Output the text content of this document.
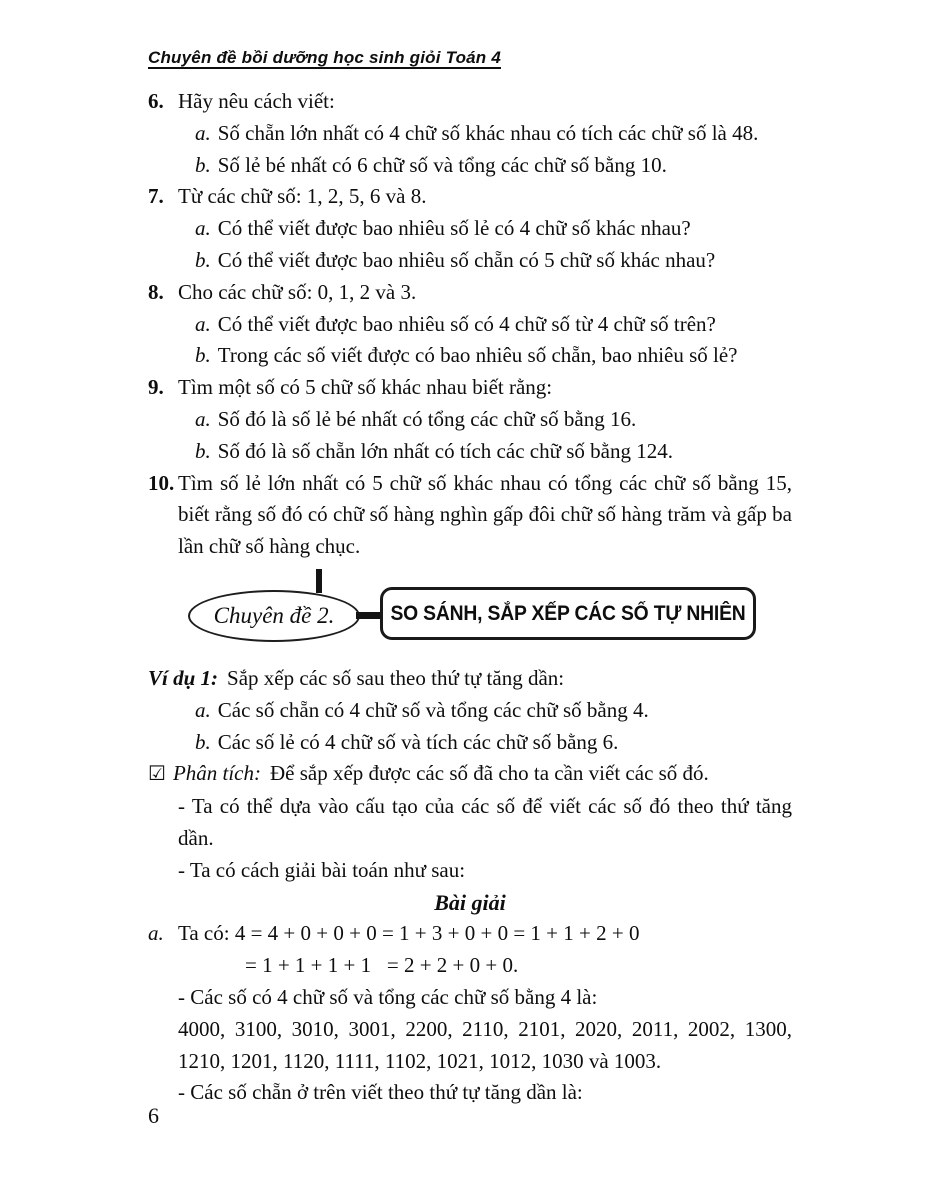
Chuyên đề bồi dưỡng học sinh giỏi Toán 4
6. Hãy nêu cách viết:
a. Số chẵn lớn nhất có 4 chữ số khác nhau có tích các chữ số là 48.
b. Số lẻ bé nhất có 6 chữ số và tổng các chữ số bằng 10.
7. Từ các chữ số: 1, 2, 5, 6 và 8.
a. Có thể viết được bao nhiêu số lẻ có 4 chữ số khác nhau?
b. Có thể viết được bao nhiêu số chẵn có 5 chữ số khác nhau?
8. Cho các chữ số: 0, 1, 2 và 3.
a. Có thể viết được bao nhiêu số có 4 chữ số từ 4 chữ số trên?
b. Trong các số viết được có bao nhiêu số chẵn, bao nhiêu số lẻ?
9. Tìm một số có 5 chữ số khác nhau biết rằng:
a. Số đó là số lẻ bé nhất có tổng các chữ số bằng 16.
b. Số đó là số chẵn lớn nhất có tích các chữ số bằng 124.
10. Tìm số lẻ lớn nhất có 5 chữ số khác nhau có tổng các chữ số bằng 15, biết rằng số đó có chữ số hàng nghìn gấp đôi chữ số hàng trăm và gấp ba lần chữ số hàng chục.
Chuyên đề 2.	SO SÁNH, SẮP XẾP CÁC SỐ TỰ NHIÊN
Ví dụ 1: Sắp xếp các số sau theo thứ tự tăng dần:
a. Các số chẵn có 4 chữ số và tổng các chữ số bằng 4.
b. Các số lẻ có 4 chữ số và tích các chữ số bằng 6.
☑ Phân tích: Để sắp xếp được các số đã cho ta cần viết các số đó.
- Ta có thể dựa vào cấu tạo của các số để viết các số đó theo thứ tăng dần.
- Ta có cách giải bài toán như sau:
Bài giải
a. Ta có: 4 = 4 + 0 + 0 + 0 = 1 + 3 + 0 + 0 = 1 + 1 + 2 + 0
= 1 + 1 + 1 + 1   = 2 + 2 + 0 + 0.
- Các số có 4 chữ số và tổng các chữ số bằng 4 là:
4000, 3100, 3010, 3001, 2200, 2110, 2101, 2020, 2011, 2002, 1300, 1210, 1201, 1120, 1111, 1102, 1021, 1012, 1030 và 1003.
- Các số chẵn ở trên viết theo thứ tự tăng dần là:
6
